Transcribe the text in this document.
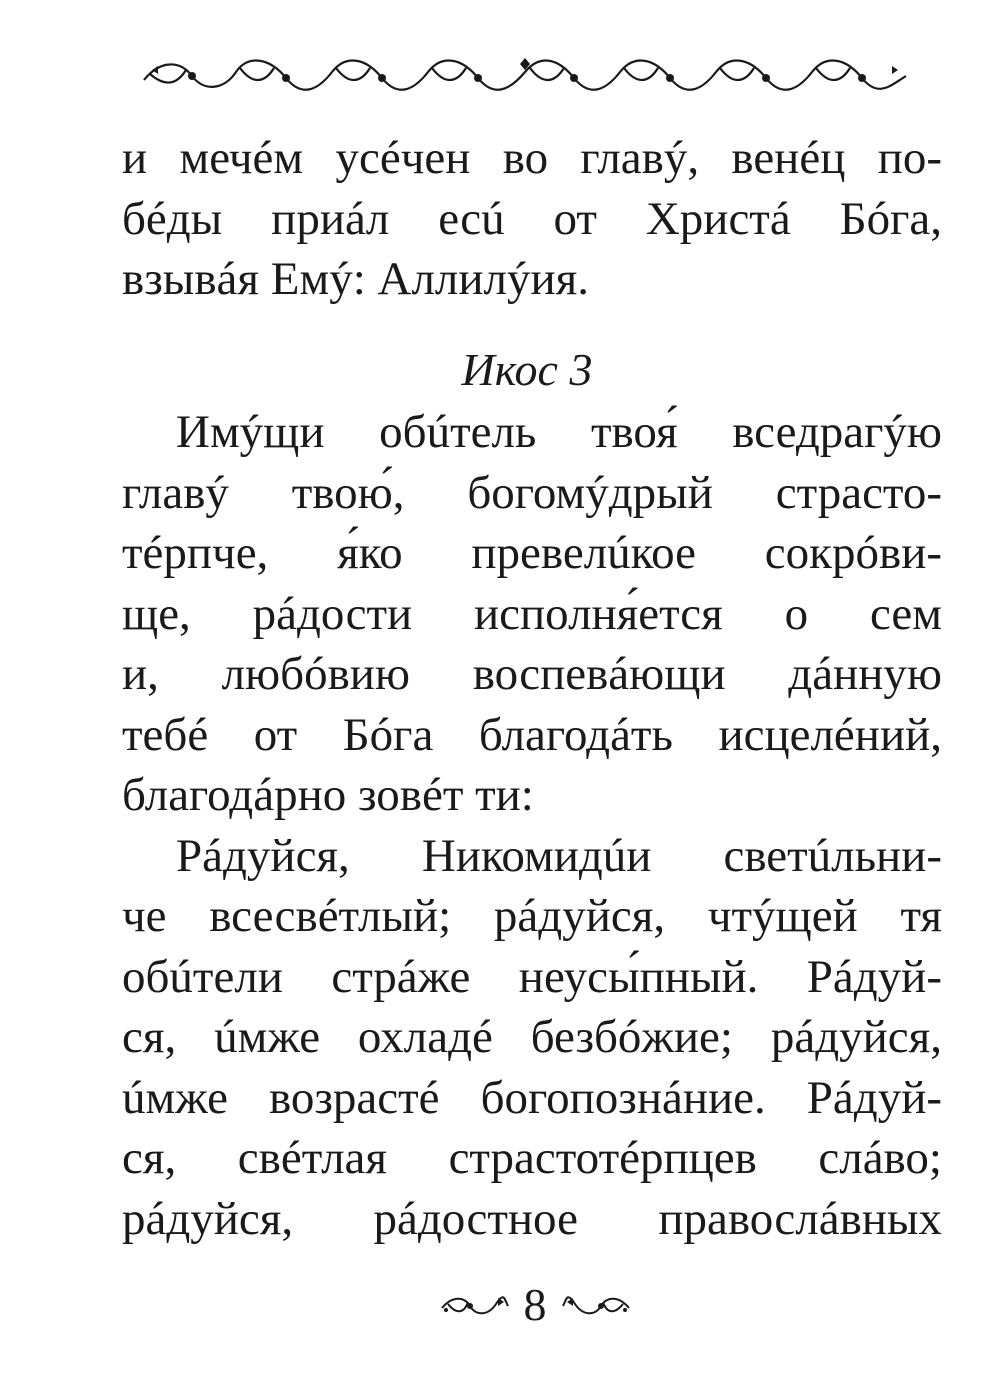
и мечéм усéчен во главý, венéц по-
бéды приáл есú от Христá Бóга,
взывáя Емý: Аллилýия.
Икос 3
Имýщи обúтель твоя́ вседрагýю
главý твою́, богомýдрый страсто-
тéрпче, я́ко превелúкое сокрóви-
ще, рáдости исполня́ется о сем
и, любóвию воспевáющи дáнную
тебé от Бóга благодáть исцелéний,
благодáрно зовéт ти:
Рáдуйся, Никомидúи светúльни-
че всесвéтлый; рáдуйся, чтýщей тя
обúтели стрáже неусы́пный. Рáдуй-
ся, úмже охладé безбóжие; рáдуйся,
úмже возрастé богопознáние. Рáдуй-
ся, свéтлая страстотéрпцев слáво;
рáдуйся, рáдостное правослáвных
8
